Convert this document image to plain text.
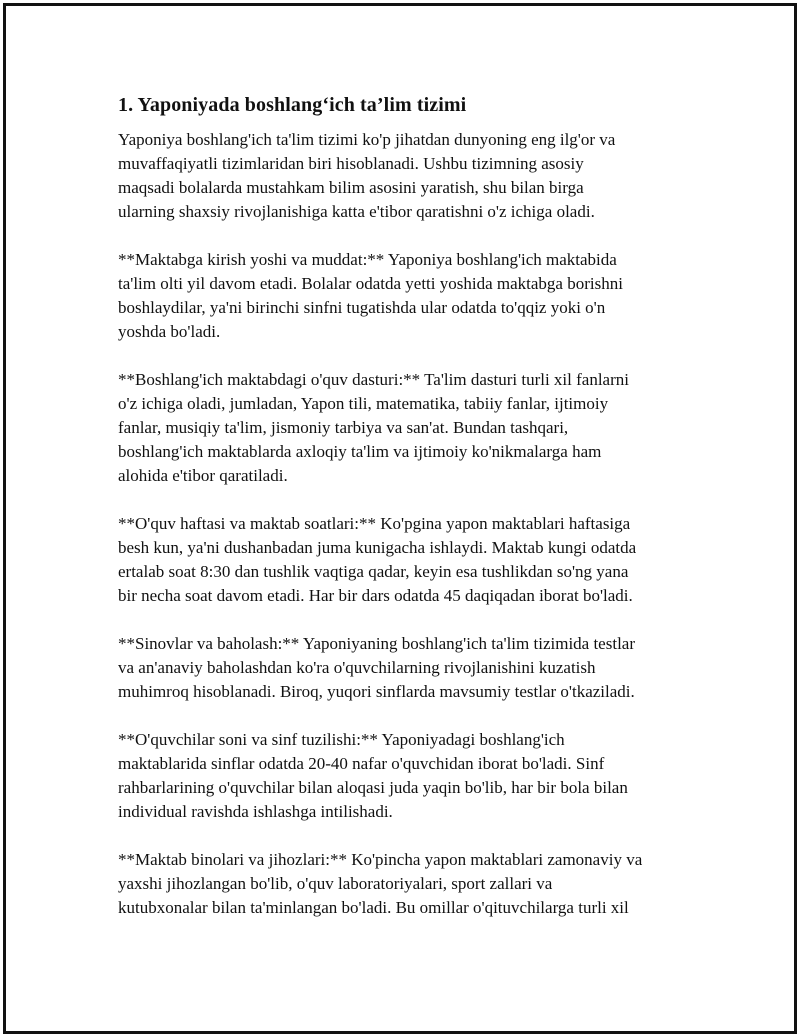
1. Yaponiyada boshlang‘ich ta’lim tizimi

Yaponiya boshlang'ich ta'lim tizimi ko'p jihatdan dunyoning eng ilg'or va
muvaffaqiyatli tizimlaridan biri hisoblanadi. Ushbu tizimning asosiy
maqsadi bolalarda mustahkam bilim asosini yaratish, shu bilan birga
ularning shaxsiy rivojlanishiga katta e'tibor qaratishni o'z ichiga oladi.

**Maktabga kirish yoshi va muddat:** Yaponiya boshlang'ich maktabida
ta'lim olti yil davom etadi. Bolalar odatda yetti yoshida maktabga borishni
boshlaydilar, ya'ni birinchi sinfni tugatishda ular odatda to'qqiz yoki o'n
yoshda bo'ladi.

**Boshlang'ich maktabdagi o'quv dasturi:** Ta'lim dasturi turli xil fanlarni
o'z ichiga oladi, jumladan, Yapon tili, matematika, tabiiy fanlar, ijtimoiy
fanlar, musiqiy ta'lim, jismoniy tarbiya va san'at. Bundan tashqari,
boshlang'ich maktablarda axloqiy ta'lim va ijtimoiy ko'nikmalarga ham
alohida e'tibor qaratiladi.

**O'quv haftasi va maktab soatlari:** Ko'pgina yapon maktablari haftasiga
besh kun, ya'ni dushanbadan juma kunigacha ishlaydi. Maktab kungi odatda
ertalab soat 8:30 dan tushlik vaqtiga qadar, keyin esa tushlikdan so'ng yana
bir necha soat davom etadi. Har bir dars odatda 45 daqiqadan iborat bo'ladi.

**Sinovlar va baholash:** Yaponiyaning boshlang'ich ta'lim tizimida testlar
va an'anaviy baholashdan ko'ra o'quvchilarning rivojlanishini kuzatish
muhimroq hisoblanadi. Biroq, yuqori sinflarda mavsumiy testlar o'tkaziladi.

**O'quvchilar soni va sinf tuzilishi:** Yaponiyadagi boshlang'ich
maktablarida sinflar odatda 20-40 nafar o'quvchidan iborat bo'ladi. Sinf
rahbarlarining o'quvchilar bilan aloqasi juda yaqin bo'lib, har bir bola bilan
individual ravishda ishlashga intilishadi.

**Maktab binolari va jihozlari:** Ko'pincha yapon maktablari zamonaviy va
yaxshi jihozlangan bo'lib, o'quv laboratoriyalari, sport zallari va
kutubxonalar bilan ta'minlangan bo'ladi. Bu omillar o'qituvchilarga turli xil
